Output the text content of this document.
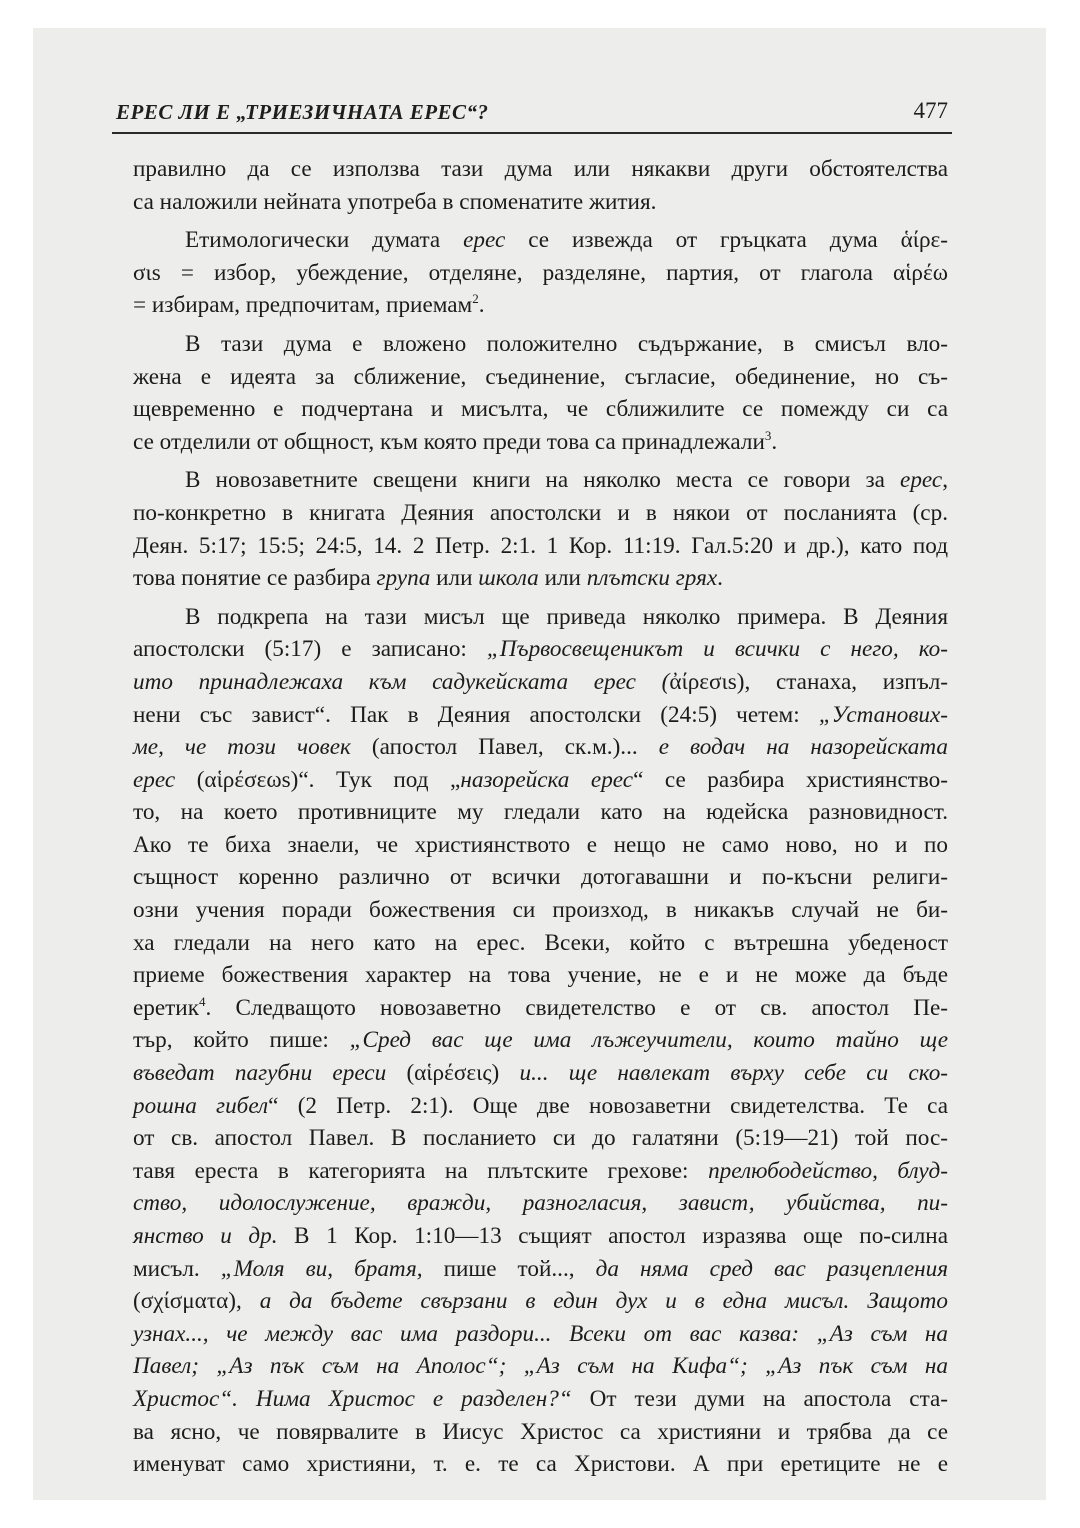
ЕРЕС ЛИ Е „ТРИЕЗИЧНАТА ЕРЕС“?	477
правилно да се използва тази дума или някакви други обстоятелства
са наложили нейната употреба в споменатите жития.
Етимологически думата ерес се извежда от гръцката дума ἁίρε-
σιs = избор, убеждение, отделяне, разделяне, партия, от глагола αἱρέω
= избирам, предпочитам, приемам$^2$.
В тази дума е вложено положително съдържание, в смисъл вло-
жена е идеята за сближение, съединение, съгласие, обединение, но съ-
щевременно е подчертана и мисълта, че сближилите се помежду си са
се отделили от общност, към която преди това са принадлежали$^3$.
В новозаветните свещени книги на няколко места се говори за ерес,
по-конкретно в книгата Деяния апостолски и в някои от посланията (ср.
Деян. 5:17; 15:5; 24:5, 14. 2 Петр. 2:1. 1 Кор. 11:19. Гал.5:20 и др.), като под
това понятие се разбира група или школа или плътски грях.
В подкрепа на тази мисъл ще приведа няколко примера. В Деяния
апостолски (5:17) е записано: „Първосвещеникът и всички с него, ко-
ито принадлежаха към садукейската ерес (ἀίρεσιs), станаха, изпъл-
нени със завист“. Пак в Деяния апостолски (24:5) четем: „Установих-
ме, че този човек (апостол Павел, ск.м.)... е водач на назорейската
ерес (αἱρέσεωs)“. Тук под „назорейска ерес“ се разбира християнство-
то, на което противниците му гледали като на юдейска разновидност.
Ако те биха знаели, че християнството е нещо не само ново, но и по
същност коренно различно от всички дотогавашни и по-късни религи-
озни учения поради божествения си произход, в никакъв случай не би-
ха гледали на него като на ерес. Всеки, който с вътрешна убеденост
приеме божествения характер на това учение, не е и не може да бъде
еретик$^4$. Следващото новозаветно свидетелство е от св. апостол Пе-
тър, който пише: „Сред вас ще има лъжеучители, които тайно ще
въведат пагубни ереси (αἱρέσεις) и... ще навлекат върху себе си ско-
рошна гибел“ (2 Петр. 2:1). Още две новозаветни свидетелства. Те са
от св. апостол Павел. В посланието си до галатяни (5:19—21) той пос-
тавя ереста в категорията на плътските грехове: прелюбодейство, блуд-
ство, идолослужение, вражди, разногласия, завист, убийства, пи-
янство и др. В 1 Кор. 1:10—13 същият апостол изразява още по-силна
мисъл. „Моля ви, братя, пише той..., да няма сред вас разцепления
(σχίσματα), а да бъдете свързани в един дух и в една мисъл. Защото
узнах..., че между вас има раздори... Всеки от вас казва: „Аз съм на
Павел; „Аз пък съм на Аполос“; „Аз съм на Кифа“; „Аз пък съм на
Христос“. Нима Христос е разделен?“ От тези думи на апостола ста-
ва ясно, че повярвалите в Иисус Христос са християни и трябва да се
именуват само християни, т. е. те са Христови. А при еретиците не е
